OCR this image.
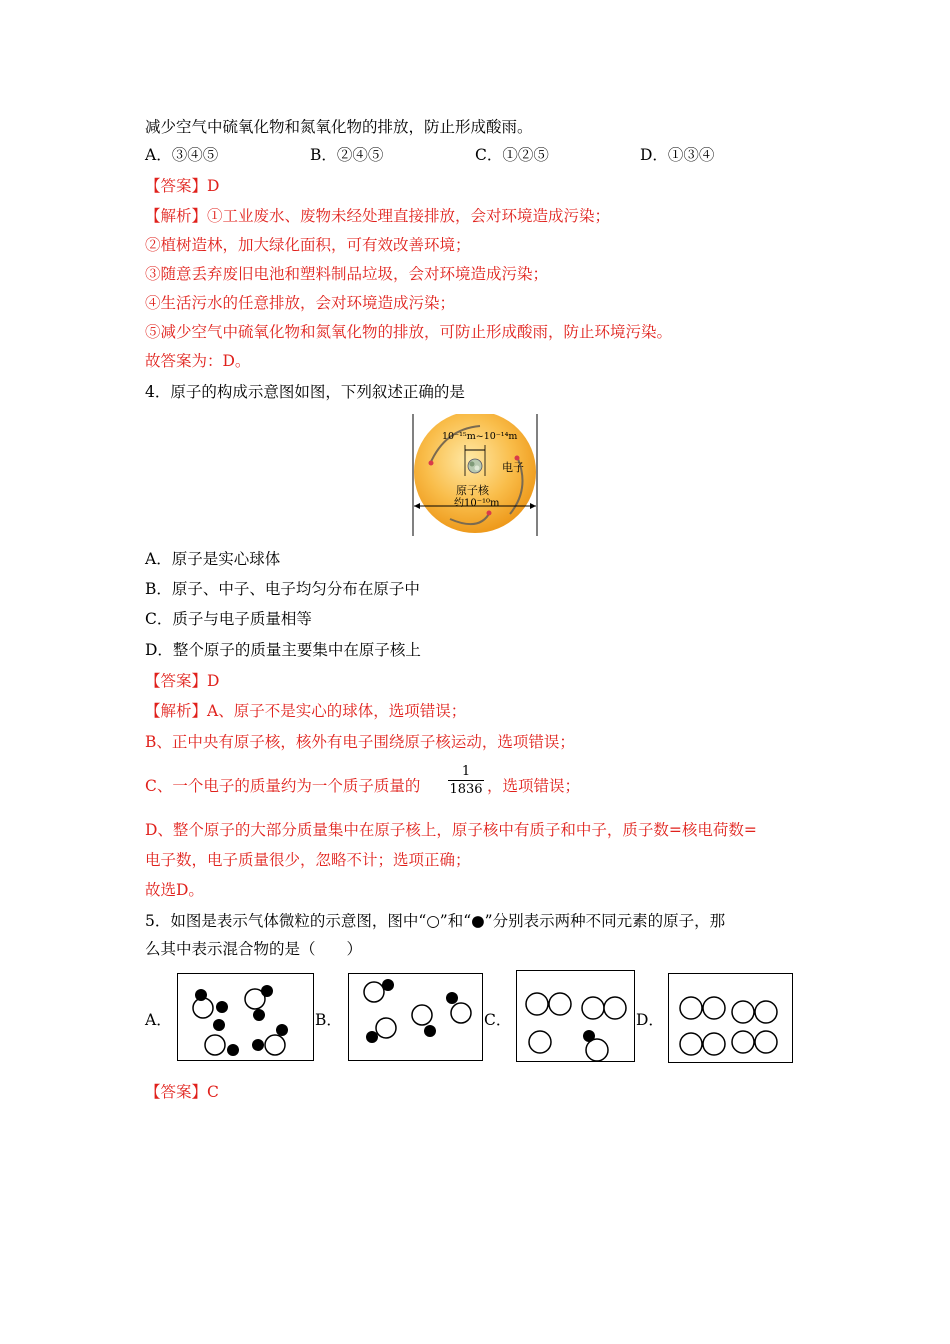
减少空气中硫氧化物和氮氧化物的排放，防止形成酸雨。
A．③④⑤	B．②④⑤	C．①②⑤	D．①③④
【答案】D
【解析】①工业废水、废物未经处理直接排放，会对环境造成污染；
②植树造林，加大绿化面积，可有效改善环境；
③随意丢弃废旧电池和塑料制品垃圾，会对环境造成污染；
④生活污水的任意排放，会对环境造成污染；
⑤减少空气中硫氧化物和氮氧化物的排放，可防止形成酸雨，防止环境污染。
故答案为：D。
4．原子的构成示意图如图，下列叙述正确的是
10⁻¹⁵m~10⁻¹⁴m
电子
原子核
约10⁻¹⁰m
A．原子是实心球体
B．原子、中子、电子均匀分布在原子中
C．质子与电子质量相等
D．整个原子的质量主要集中在原子核上
【答案】D
【解析】A、原子不是实心的球体，选项错误；
B、正中央有原子核，核外有电子围绕原子核运动，选项错误；
C、一个电子的质量约为一个质子质量的
1
1836 ，选项错误；
D、整个原子的大部分质量集中在原子核上，原子核中有质子和中子，质子数=核电荷数=
电子数，电子质量很少，忽略不计；选项正确；
故选D。
5．如图是表示气体微粒的示意图，图中“○”和“●”分别表示两种不同元素的原子，那
么其中表示混合物的是（　　）
A．	B．	C．	D．
【答案】C
